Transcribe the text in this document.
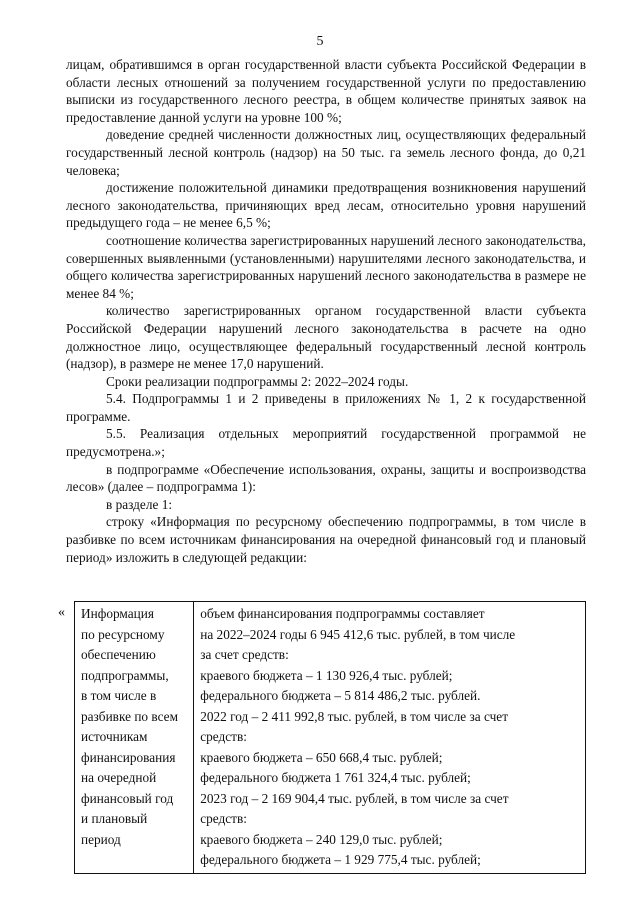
5

лицам, обратившимся в орган государственной власти субъекта Российской Федерации в области лесных отношений за получением государственной услуги по предоставлению выписки из государственного лесного реестра, в общем количестве принятых заявок на предоставление данной услуги на уровне 100 %;

доведение средней численности должностных лиц, осуществляющих федеральный государственный лесной контроль (надзор) на 50 тыс. га земель лесного фонда, до 0,21 человека;

достижение положительной динамики предотвращения возникновения нарушений лесного законодательства, причиняющих вред лесам, относительно уровня нарушений предыдущего года – не менее 6,5 %;

соотношение количества зарегистрированных нарушений лесного законодательства, совершенных выявленными (установленными) нарушителями лесного законодательства, и общего количества зарегистрированных нарушений лесного законодательства в размере не менее 84 %;

количество зарегистрированных органом государственной власти субъекта Российской Федерации нарушений лесного законодательства в расчете на одно должностное лицо, осуществляющее федеральный государственный лесной контроль (надзор), в размере не менее 17,0 нарушений.

Сроки реализации подпрограммы 2: 2022–2024 годы.

5.4. Подпрограммы 1 и 2 приведены в приложениях № 1, 2 к государственной программе.

5.5. Реализация отдельных мероприятий государственной программой не предусмотрена.»;

в подпрограмме «Обеспечение использования, охраны, защиты и воспроизводства лесов» (далее – подпрограмма 1):

в разделе 1:

строку «Информация по ресурсному обеспечению подпрограммы, в том числе в разбивке по всем источникам финансирования на очередной финансовый год и плановый период» изложить в следующей редакции:

« Информация
по ресурсному
обеспечению
подпрограммы,
в том числе в
разбивке по всем
источникам
финансирования
на очередной
финансовый год
и плановый
период

объем финансирования подпрограммы составляет
на 2022–2024 годы 6 945 412,6 тыс. рублей, в том числе
за счет средств:
краевого бюджета – 1 130 926,4 тыс. рублей;
федерального бюджета – 5 814 486,2 тыс. рублей.
2022 год – 2 411 992,8 тыс. рублей, в том числе за счет
средств:
краевого бюджета – 650 668,4 тыс. рублей;
федерального бюджета 1 761 324,4 тыс. рублей;
2023 год – 2 169 904,4 тыс. рублей, в том числе за счет
средств:
краевого бюджета – 240 129,0 тыс. рублей;
федерального бюджета – 1 929 775,4 тыс. рублей;
